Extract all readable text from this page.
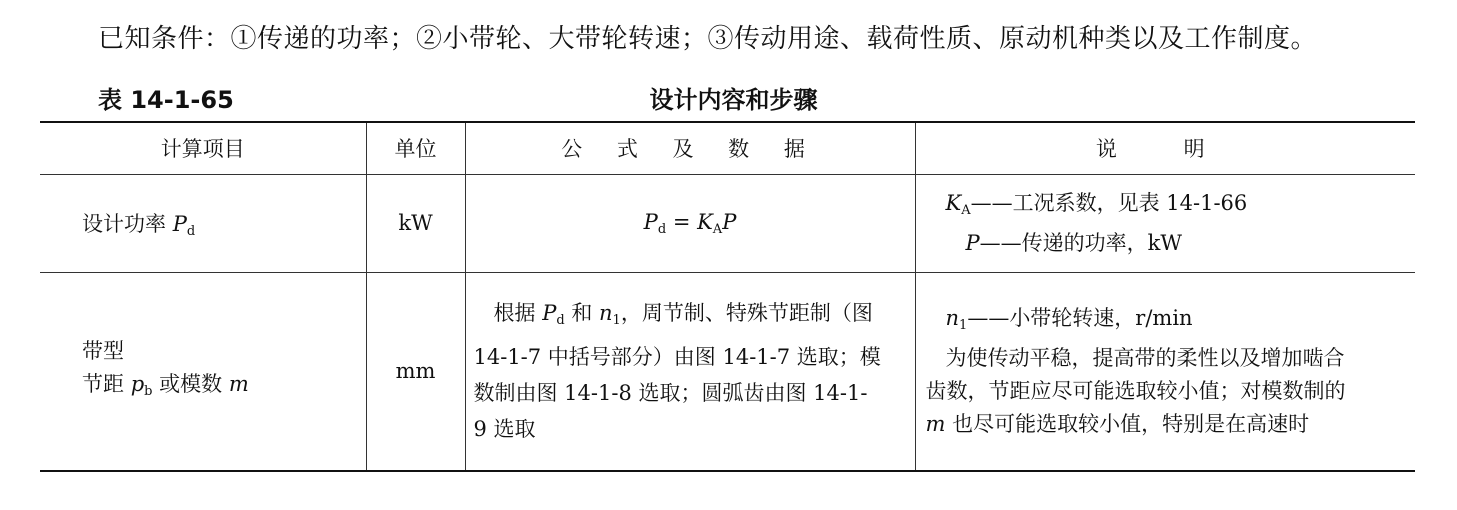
已知条件：①传递的功率；②小带轮、大带轮转速；③传动用途、载荷性质、原动机种类以及工作制度。
表 14-1-65	设计内容和步骤
计算项目	单位	公 式 及 数 据	说 明
设计功率 $P_d$	kW	$P_d = K_AP$	$K_A——$工况系数，见表 14-1-66
P——传递的功率，kW

带型
节距 $p_b$ 或模数 m	mm	根据 $P_d$ 和 $n_1$，周节制、特殊节距制（图
14-1-7 中括号部分）由图 14-1-7 选取；模
数制由图 14-1-8 选取；圆弧齿由图 14-1-
9 选取	$n_1——$小带轮转速，r/min
为使传动平稳，提高带的柔性以及增加啮合
齿数，节距应尽可能选取较小值；对模数制的
m 也尽可能选取较小值，特别是在高速时
